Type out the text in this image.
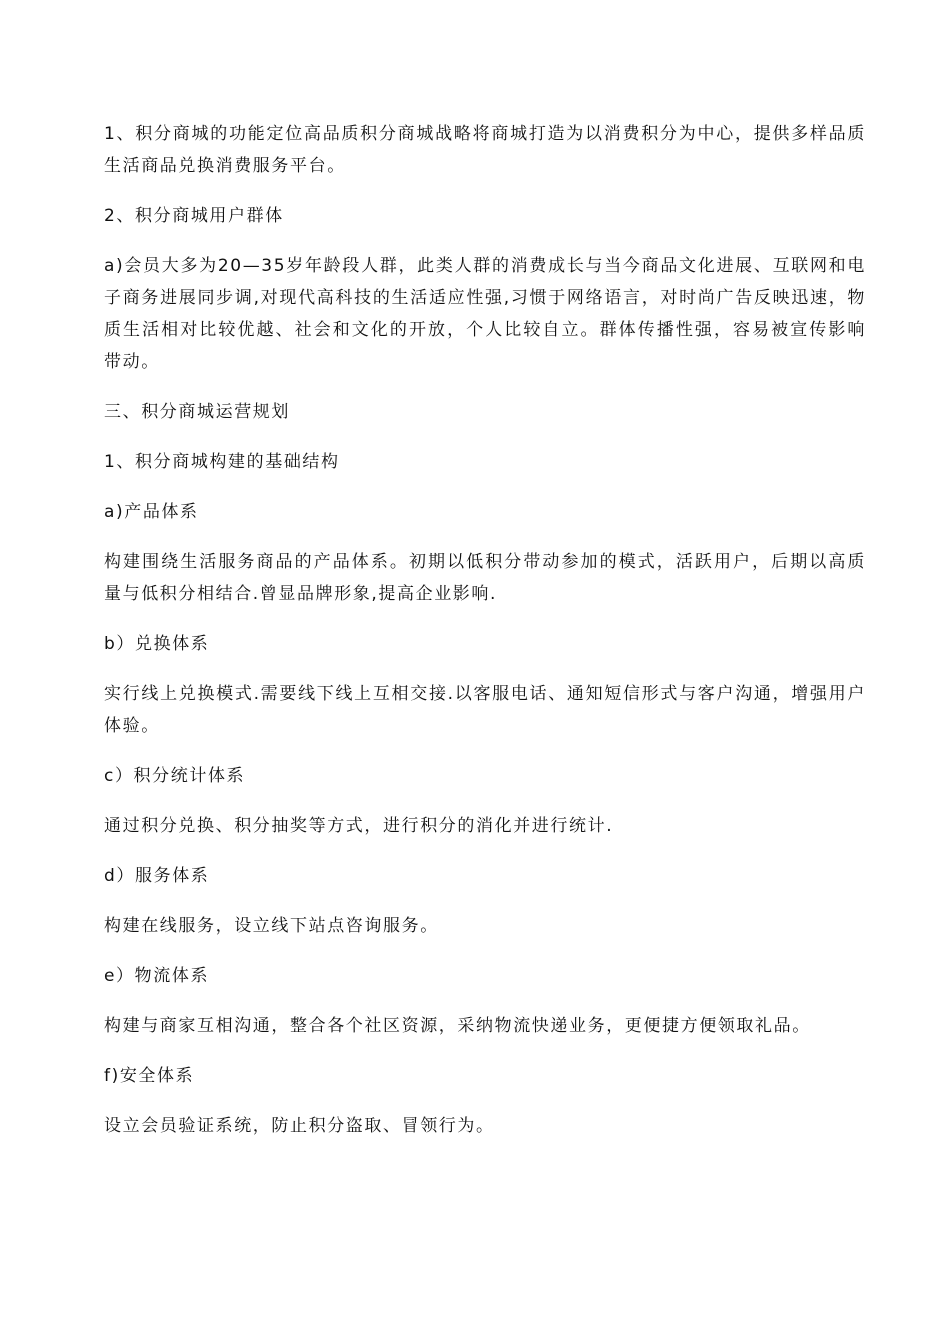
1、积分商城的功能定位高品质积分商城战略将商城打造为以消费积分为中心，提供多样品质生活商品兑换消费服务平台。

2、积分商城用户群体

a)会员大多为20—35岁年龄段人群，此类人群的消费成长与当今商品文化进展、互联网和电子商务进展同步调,对现代高科技的生活适应性强,习惯于网络语言，对时尚广告反映迅速，物质生活相对比较优越、社会和文化的开放，个人比较自立。群体传播性强，容易被宣传影响带动。

三、积分商城运营规划

1、积分商城构建的基础结构

a)产品体系

构建围绕生活服务商品的产品体系。初期以低积分带动参加的模式，活跃用户，后期以高质量与低积分相结合.曾显品牌形象,提高企业影响.

b）兑换体系

实行线上兑换模式.需要线下线上互相交接.以客服电话、通知短信形式与客户沟通，增强用户体验。

c）积分统计体系

通过积分兑换、积分抽奖等方式，进行积分的消化并进行统计.

d）服务体系

构建在线服务，设立线下站点咨询服务。

e）物流体系

构建与商家互相沟通，整合各个社区资源，采纳物流快递业务，更便捷方便领取礼品。

f)安全体系

设立会员验证系统，防止积分盗取、冒领行为。
